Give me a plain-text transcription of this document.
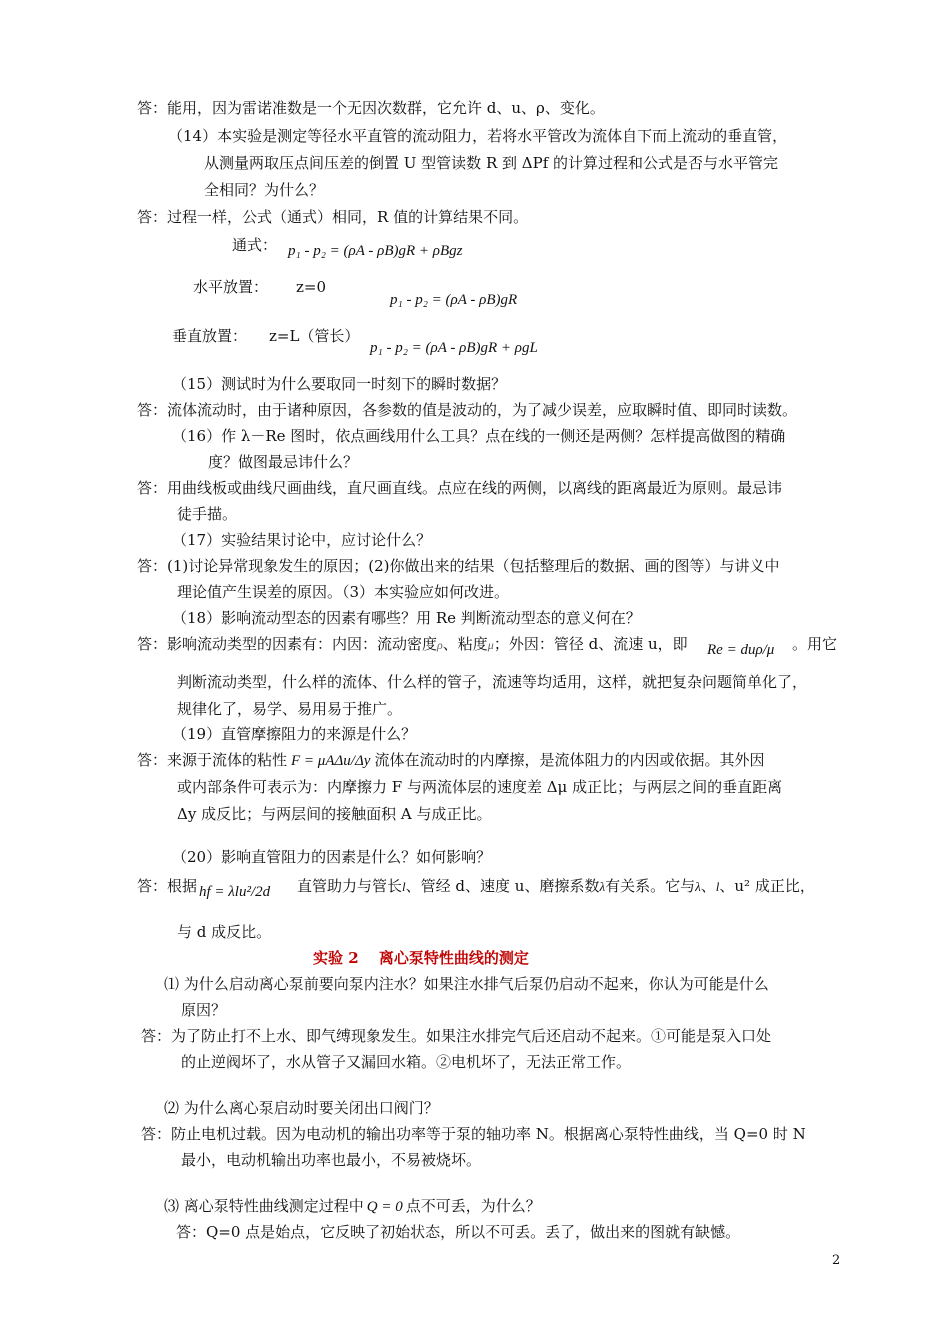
答：能用，因为雷诺准数是一个无因次数群，它允许 d、u、ρ、变化。
（14）本实验是测定等径水平直管的流动阻力，若将水平管改为流体自下而上流动的垂直管，
从测量两取压点间压差的倒置 U 型管读数 R 到 ΔPf 的计算过程和公式是否与水平管完
全相同？为什么？
答：过程一样，公式（通式）相同，R 值的计算结果不同。
通式： p₁ - p₂ = (ρA - ρB)gR + ρBgz
水平放置： z=0
p₁ - p₂ = (ρA - ρB)gR
垂直放置： z=L（管长）
p₁ - p₂ = (ρA - ρB)gR + ρgL
（15）测试时为什么要取同一时刻下的瞬时数据？
答：流体流动时，由于诸种原因，各参数的值是波动的，为了减少误差，应取瞬时值、即同时读数。
（16）作 λ－Re 图时，依点画线用什么工具？点在线的一侧还是两侧？怎样提高做图的精确
度？做图最忌讳什么？
答：用曲线板或曲线尺画曲线，直尺画直线。点应在线的两侧，以离线的距离最近为原则。最忌讳
徒手描。
（17）实验结果讨论中，应讨论什么？
答：(1)讨论异常现象发生的原因；(2)你做出来的结果（包括整理后的数据、画的图等）与讲义中
理论值产生误差的原因。（3）本实验应如何改进。
（18）影响流动型态的因素有哪些？用 Re 判断流动型态的意义何在？
答：影响流动类型的因素有：内因：流动密度ρ、粘度μ；外因：管径 d、流速 u，即 Re = duρ/μ 。用它
判断流动类型，什么样的流体、什么样的管子，流速等均适用，这样，就把复杂问题简单化了，
规律化了，易学、易用易于推广。
（19）直管摩擦阻力的来源是什么？
答：来源于流体的粘性 F = μAΔu/Δy 流体在流动时的内摩擦，是流体阻力的内因或依据。其外因
或内部条件可表示为：内摩擦力 F 与两流体层的速度差 Δμ 成正比；与两层之间的垂直距离
Δy 成反比；与两层间的接触面积 A 与成正比。
（20）影响直管阻力的因素是什么？如何影响？
答：根据 hf = λlu²/2d 直管助力与管长l、管经 d、速度 u、磨擦系数λ有关系。它与λ、l、u² 成正比，
与 d 成反比。
实验 2　 离心泵特性曲线的测定
⑴ 为什么启动离心泵前要向泵内注水？如果注水排气后泵仍启动不起来，你认为可能是什么
原因？
答：为了防止打不上水、即气缚现象发生。如果注水排完气后还启动不起来。①可能是泵入口处
的止逆阀坏了，水从管子又漏回水箱。②电机坏了，无法正常工作。
⑵ 为什么离心泵启动时要关闭出口阀门？
答：防止电机过载。因为电动机的输出功率等于泵的轴功率 N。根据离心泵特性曲线，当 Q=0 时 N
最小，电动机输出功率也最小，不易被烧坏。
⑶ 离心泵特性曲线测定过程中 Q = 0 点不可丢，为什么？
答：Q=0 点是始点，它反映了初始状态，所以不可丢。丢了，做出来的图就有缺憾。
2
